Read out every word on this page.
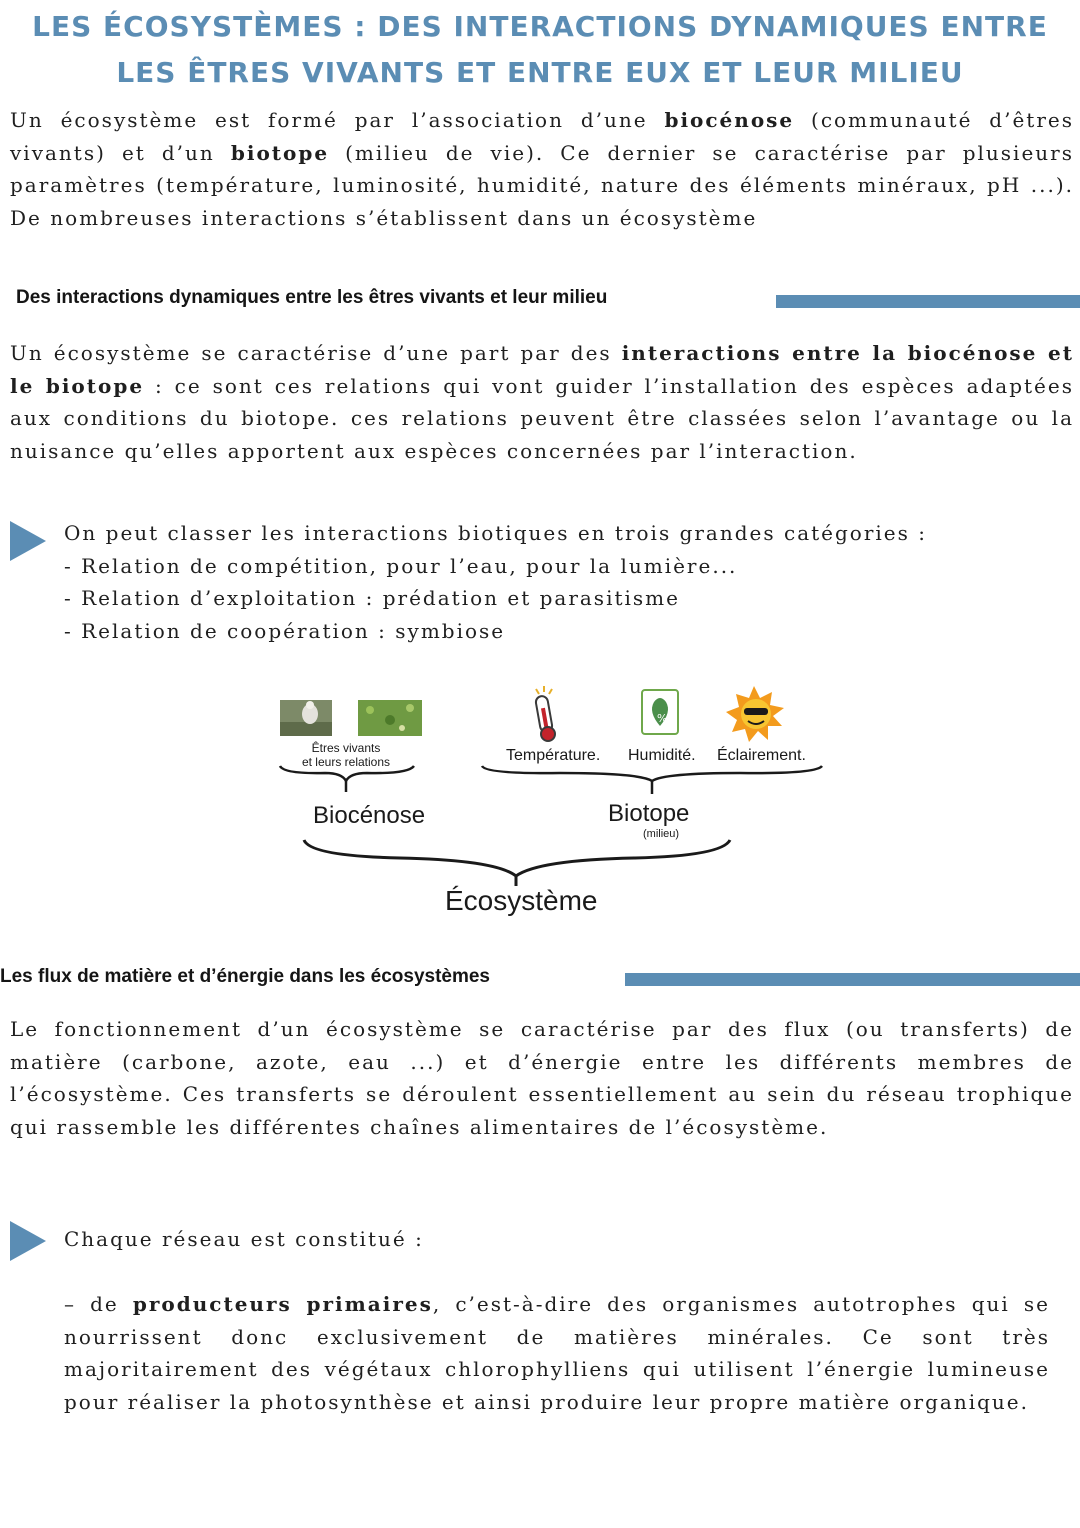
LES ÉCOSYSTÈMES : DES INTERACTIONS DYNAMIQUES ENTRE
LES ÊTRES VIVANTS ET ENTRE EUX ET LEUR MILIEU

Un écosystème est formé par l’association d’une biocénose (communauté d’êtres vivants) et d’un biotope (milieu de vie). Ce dernier se caractérise par plusieurs paramètres (température, luminosité, humidité, nature des éléments minéraux, pH ...). De nombreuses interactions s’établissent dans un écosystème

Des interactions dynamiques entre les êtres vivants et leur milieu

Un écosystème se caractérise d’une part par des interactions entre la biocénose et le biotope : ce sont ces relations qui vont guider l’installation des espèces adaptées aux conditions du biotope. ces relations peuvent être classées selon l’avantage ou la nuisance qu’elles apportent aux espèces concernées par l’interaction.

On peut classer les interactions biotiques en trois grandes catégories :
- Relation de compétition, pour l’eau, pour la lumière...
- Relation d’exploitation : prédation et parasitisme
- Relation de coopération : symbiose
%
Êtres vivants
et leurs relations	Température. Humidité. Éclairement.
Biocénose	Biotope
(milieu)
Écosystème
Les flux de matière et d’énergie dans les écosystèmes

Le fonctionnement d’un écosystème se caractérise par des flux (ou transferts) de matière (carbone, azote, eau ...) et d’énergie entre les différents membres de l’écosystème. Ces transferts se déroulent essentiellement au sein du réseau trophique qui rassemble les différentes chaînes alimentaires de l’écosystème.

Chaque réseau est constitué :

– de producteurs primaires, c’est-à-dire des organismes autotrophes qui se nourrissent donc exclusivement de matières minérales. Ce sont très majoritairement des végétaux chlorophylliens qui utilisent l’énergie lumineuse pour réaliser la photosynthèse et ainsi produire leur propre matière organique.
